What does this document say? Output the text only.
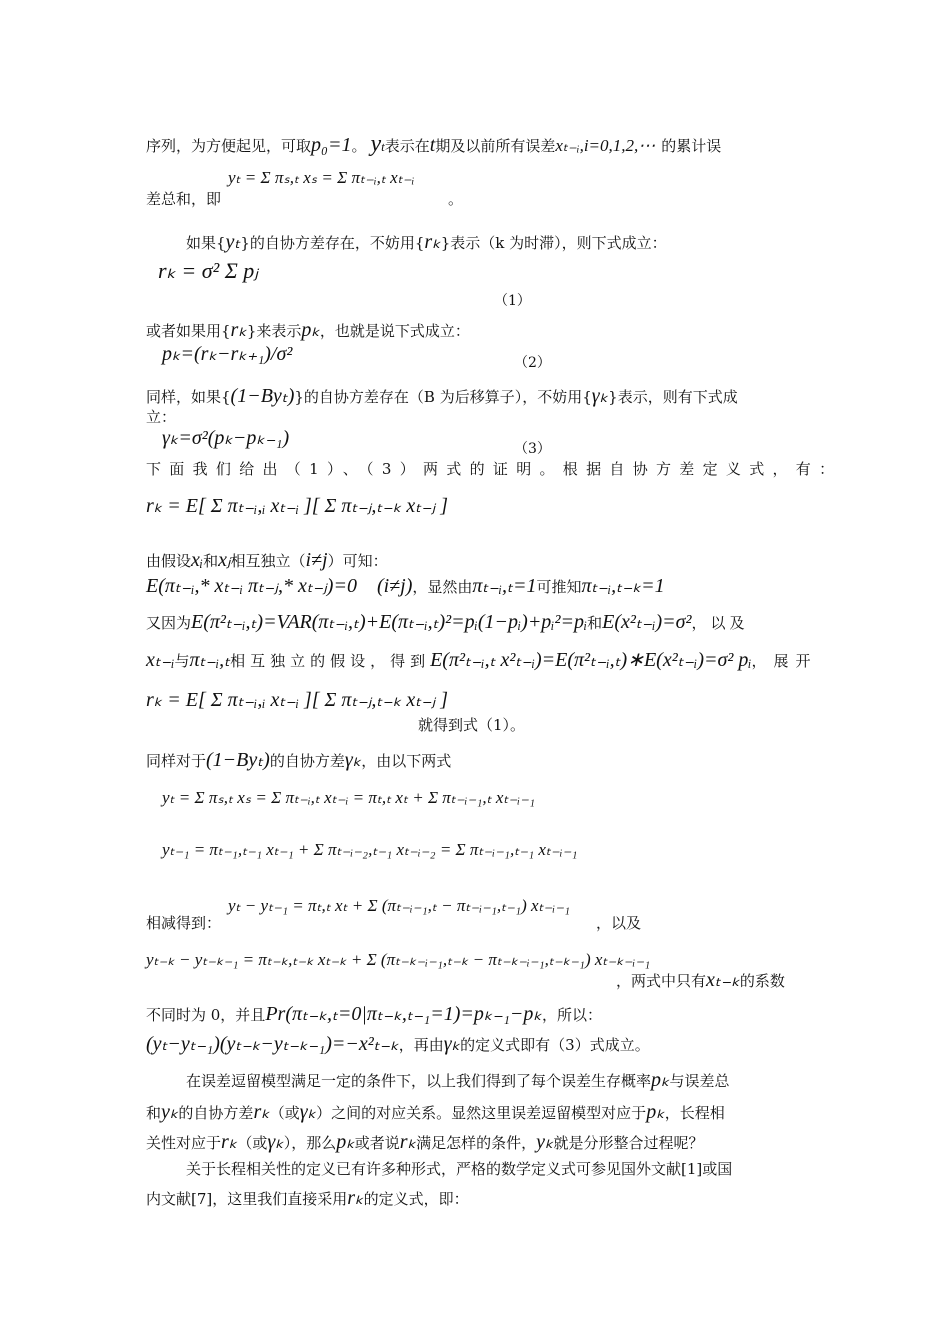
序列，为方便起见，可取p₀=1。 yt表示在t期及以前所有误差xₜ₋ᵢ,i=0,1,2,⋯ 的累计误
差总和，即
yₜ = Σ πₛ,ₜ xₛ = Σ πₜ₋ᵢ,ₜ xₜ₋ᵢ
。
如果{yₜ}的自协方差存在，不妨用{rₖ}表示（k 为时滞），则下式成立：
rₖ = σ² Σ pⱼ
（1）
或者如果用{rₖ}来表示pₖ，也就是说下式成立：
pₖ=(rₖ−rₖ₊₁)/σ²	（2）
同样，如果{(1−Byₜ)}的自协方差存在（B 为后移算子），不妨用{γₖ}表示，则有下式成
立：
γₖ=σ²(pₖ−pₖ₋₁)	（3）
下面我们给出（1）、（3）两式的证明。根据自协方差定义式，有：
rₖ = E[ Σ πₜ₋ᵢ,ᵢ xₜ₋ᵢ ][ Σ πₜ₋ⱼ,ₜ₋ₖ xₜ₋ⱼ ]
由假设xᵢ和xⱼ相互独立（i≠j）可知：
E(πₜ₋ᵢ,* xₜ₋ᵢ πₜ₋ⱼ,* xₜ₋ⱼ)=0 (i≠j)，显然由πₜ₋ᵢ,ₜ=1可推知πₜ₋ᵢ,ₜ₋ₖ=1
又因为E(π²ₜ₋ᵢ,ₜ)=VAR(πₜ₋ᵢ,ₜ)+E(πₜ₋ᵢ,ₜ)²=pᵢ(1−pᵢ)+pᵢ²=pᵢ和E(x²ₜ₋ᵢ)=σ²，以及
xₜ₋ᵢ与πₜ₋ᵢ,ₜ相互独立的假设，得到E(π²ₜ₋ᵢ,ₜ x²ₜ₋ᵢ)=E(π²ₜ₋ᵢ,ₜ)∗E(x²ₜ₋ᵢ)=σ² pᵢ，展开
rₖ = E[ Σ πₜ₋ᵢ,ᵢ xₜ₋ᵢ ][ Σ πₜ₋ⱼ,ₜ₋ₖ xₜ₋ⱼ ]
就得到式（1）。
同样对于(1−Byₜ)的自协方差γₖ，由以下两式
yₜ = Σ πₛ,ₜ xₛ = Σ πₜ₋ᵢ,ₜ xₜ₋ᵢ = πₜ,ₜ xₜ + Σ πₜ₋ᵢ₋₁,ₜ xₜ₋ᵢ₋₁
yₜ₋₁ = πₜ₋₁,ₜ₋₁ xₜ₋₁ + Σ πₜ₋ᵢ₋₂,ₜ₋₁ xₜ₋ᵢ₋₂ = Σ πₜ₋ᵢ₋₁,ₜ₋₁ xₜ₋ᵢ₋₁
相减得到：
yₜ − yₜ₋₁ = πₜ,ₜ xₜ + Σ (πₜ₋ᵢ₋₁,ₜ − πₜ₋ᵢ₋₁,ₜ₋₁) xₜ₋ᵢ₋₁
，以及
yₜ₋ₖ − yₜ₋ₖ₋₁ = πₜ₋ₖ,ₜ₋ₖ xₜ₋ₖ + Σ (πₜ₋ₖ₋ᵢ₋₁,ₜ₋ₖ − πₜ₋ₖ₋ᵢ₋₁,ₜ₋ₖ₋₁) xₜ₋ₖ₋ᵢ₋₁
，两式中只有xₜ₋ₖ的系数
不同时为 0，并且Pr(πₜ₋ₖ,ₜ=0|πₜ₋ₖ,ₜ₋₁=1)=pₖ₋₁−pₖ，所以：
(yₜ−yₜ₋₁)(yₜ₋ₖ−yₜ₋ₖ₋₁)=−x²ₜ₋ₖ，再由γₖ的定义式即有（3）式成立。
在误差逗留模型满足一定的条件下，以上我们得到了每个误差生存概率pₖ与误差总
和yₖ的自协方差rₖ（或γₖ）之间的对应关系。显然这里误差逗留模型对应于pₖ，长程相
关性对应于rₖ（或γₖ），那么pₖ或者说rₖ满足怎样的条件，yₖ就是分形整合过程呢？
关于长程相关性的定义已有许多种形式，严格的数学定义式可参见国外文献[1]或国
内文献[7]，这里我们直接采用rₖ的定义式，即：
